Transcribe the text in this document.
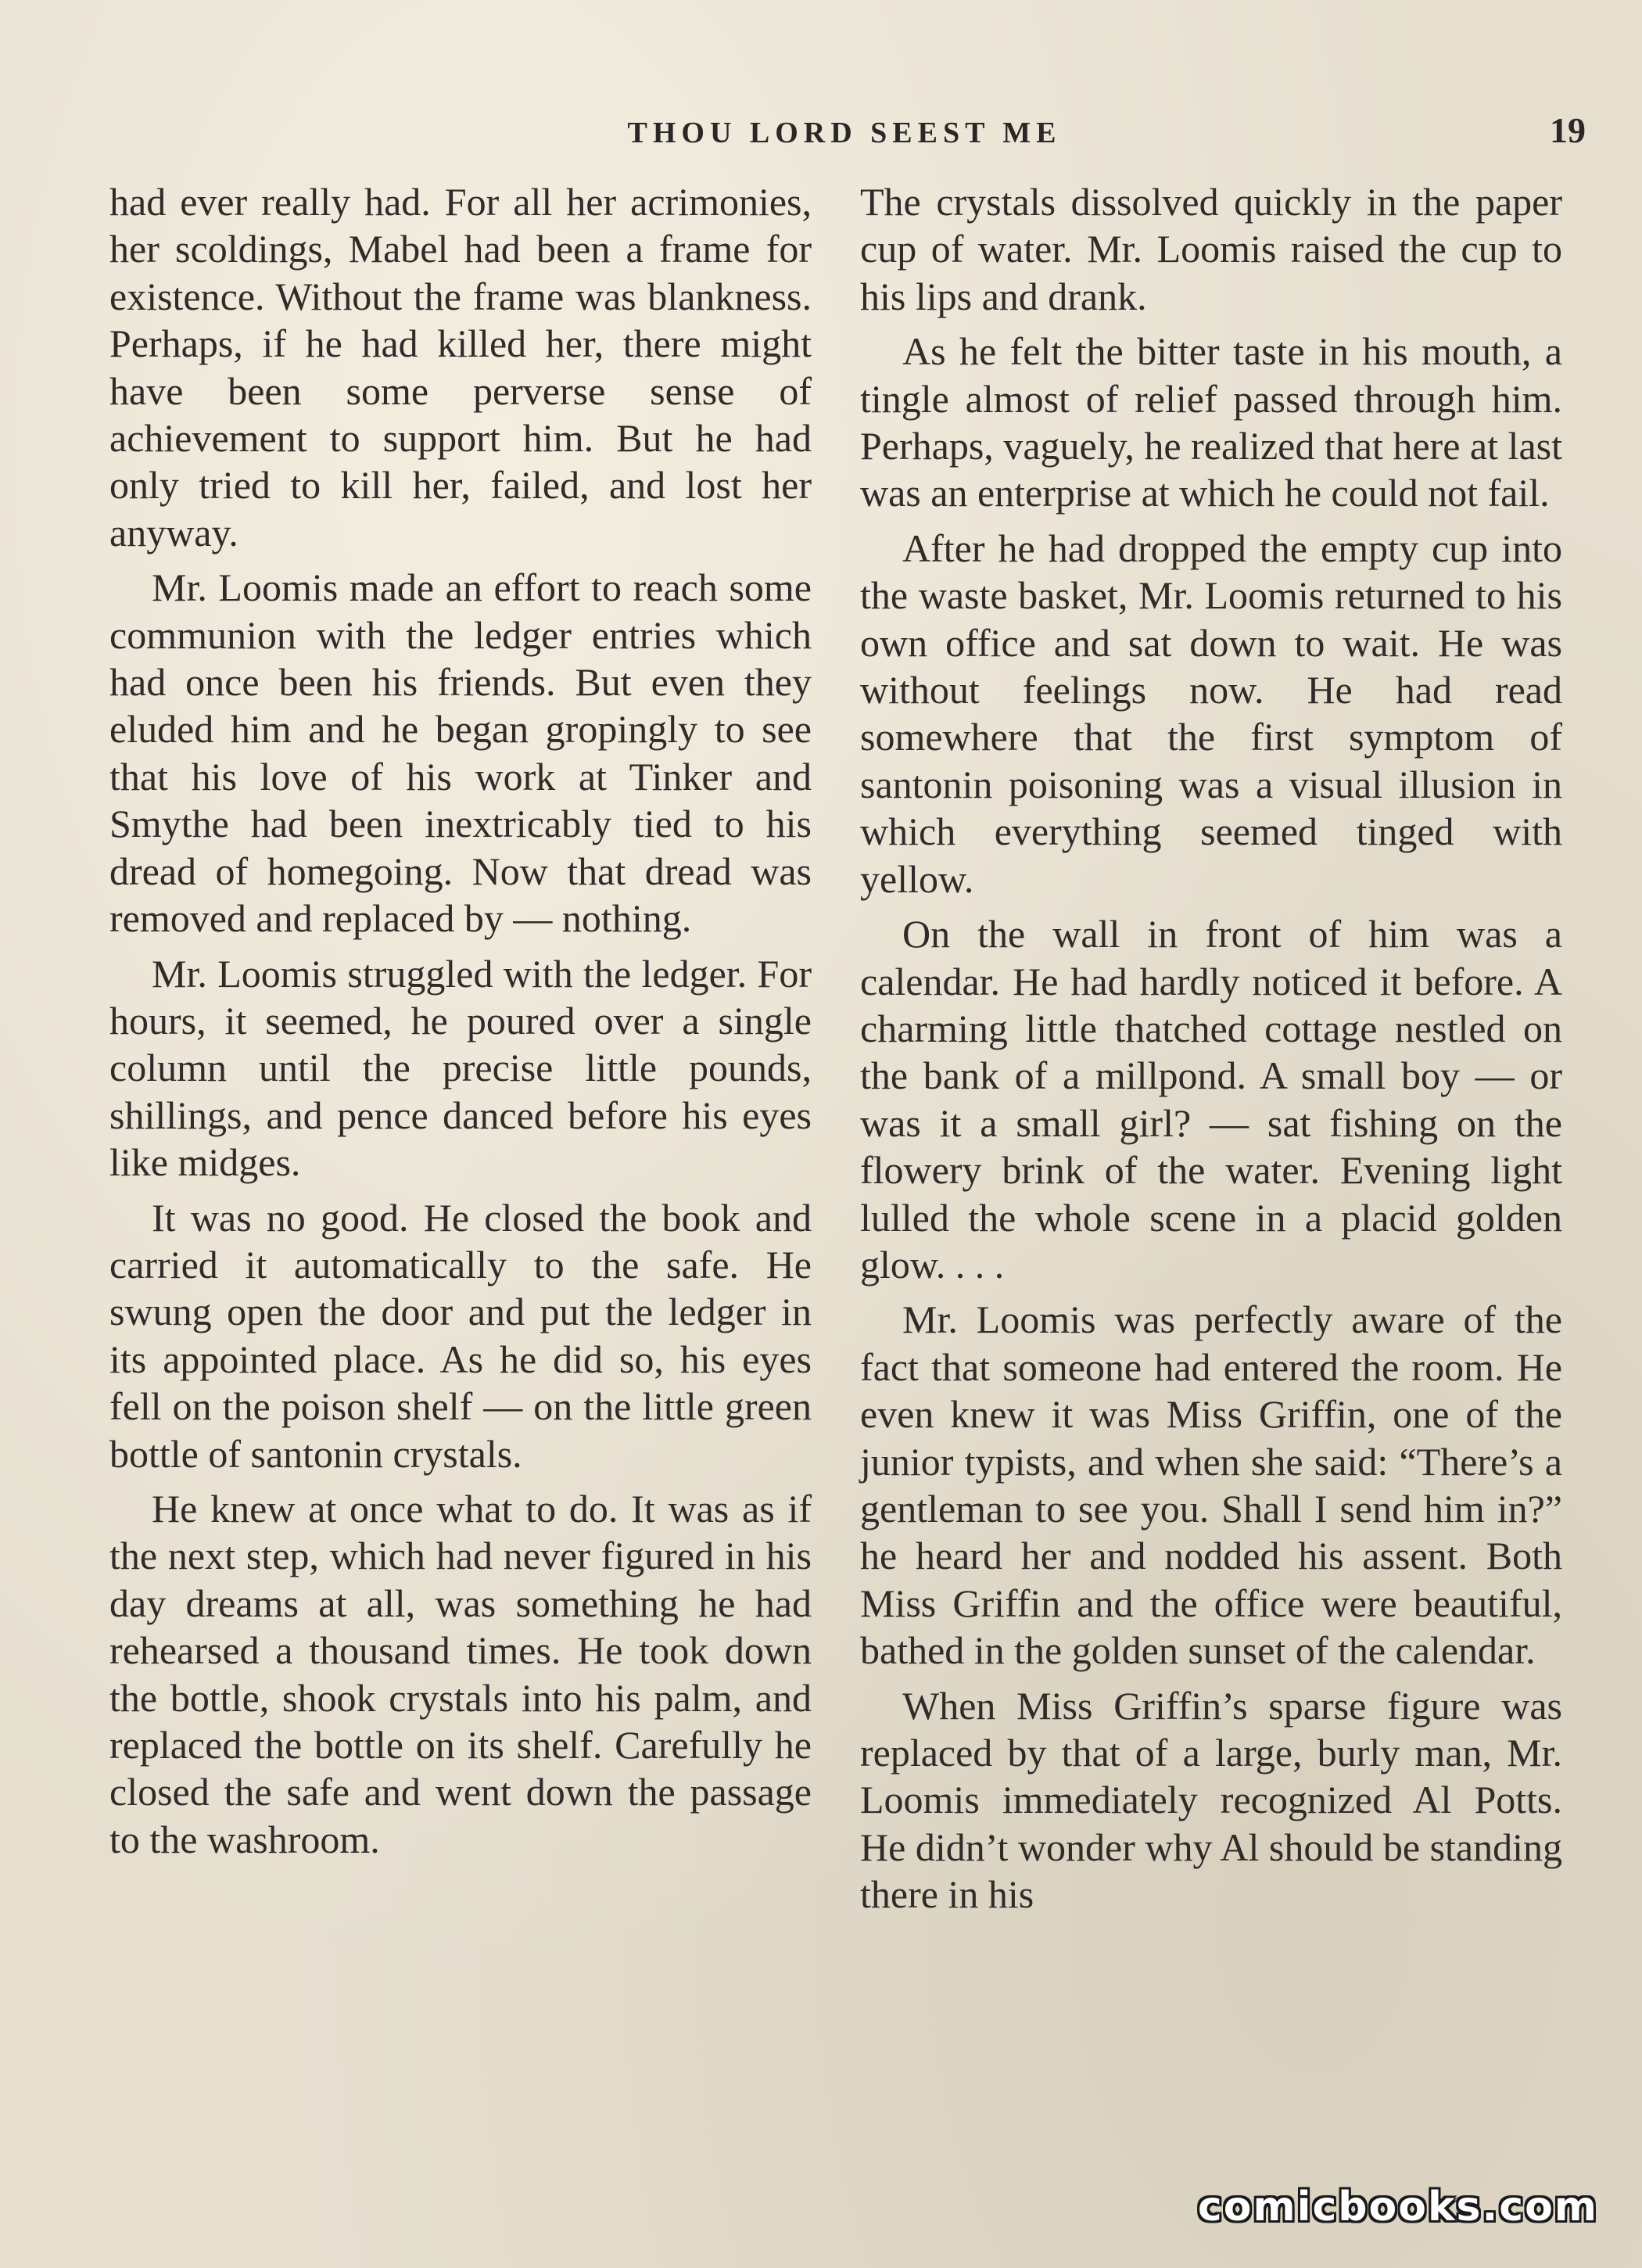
THOU LORD SEEST ME	19

had ever really had. For all her acrimonies, her scoldings, Mabel had been a frame for existence. Without the frame was blankness. Perhaps, if he had killed her, there might have been some perverse sense of achievement to support him. But he had only tried to kill her, failed, and lost her anyway.

Mr. Loomis made an effort to reach some communion with the ledger entries which had once been his friends. But even they eluded him and he began gropingly to see that his love of his work at Tinker and Smythe had been inextricably tied to his dread of homegoing. Now that dread was removed and replaced by — nothing.

Mr. Loomis struggled with the ledger. For hours, it seemed, he poured over a single column until the precise little pounds, shillings, and pence danced before his eyes like midges.

It was no good. He closed the book and carried it automatically to the safe. He swung open the door and put the ledger in its appointed place. As he did so, his eyes fell on the poison shelf — on the little green bottle of santonin crystals.

He knew at once what to do. It was as if the next step, which had never figured in his day dreams at all, was something he had rehearsed a thousand times. He took down the bottle, shook crystals into his palm, and replaced the bottle on its shelf. Carefully he closed the safe and went down the passage to the washroom.

The crystals dissolved quickly in the paper cup of water. Mr. Loomis raised the cup to his lips and drank.

As he felt the bitter taste in his mouth, a tingle almost of relief passed through him. Perhaps, vaguely, he realized that here at last was an enterprise at which he could not fail.

After he had dropped the empty cup into the waste basket, Mr. Loomis returned to his own office and sat down to wait. He was without feelings now. He had read somewhere that the first symptom of santonin poisoning was a visual illusion in which everything seemed tinged with yellow.

On the wall in front of him was a calendar. He had hardly noticed it before. A charming little thatched cottage nestled on the bank of a millpond. A small boy — or was it a small girl? — sat fishing on the flowery brink of the water. Evening light lulled the whole scene in a placid golden glow. . . .

Mr. Loomis was perfectly aware of the fact that someone had entered the room. He even knew it was Miss Griffin, one of the junior typists, and when she said: “There’s a gentleman to see you. Shall I send him in?” he heard her and nodded his assent. Both Miss Griffin and the office were beautiful, bathed in the golden sunset of the calendar.

When Miss Griffin’s sparse figure was replaced by that of a large, burly man, Mr. Loomis immediately recognized Al Potts. He didn’t wonder why Al should be standing there in his

comicbooks.com
